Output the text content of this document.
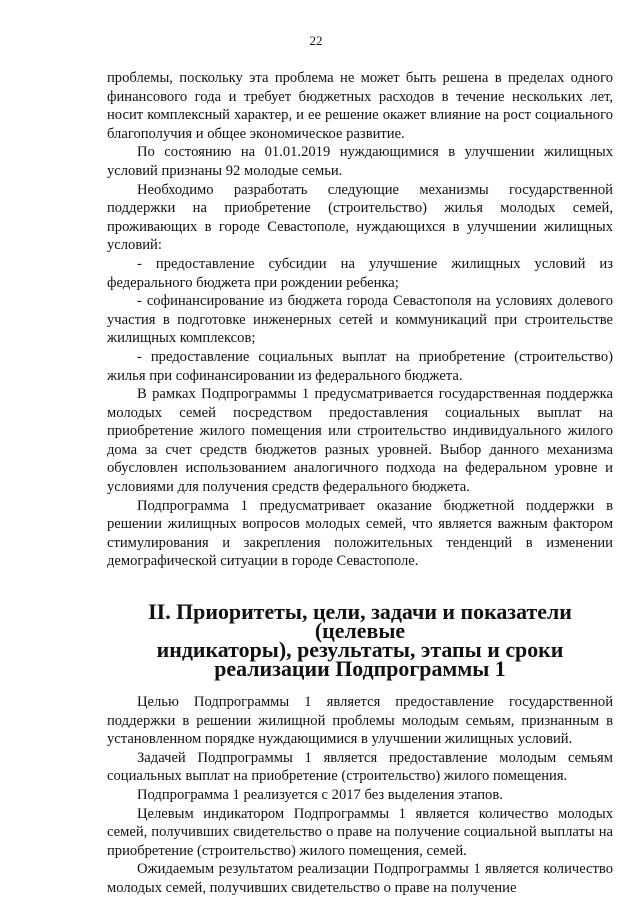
22

проблемы, поскольку эта проблема не может быть решена в пределах одного финансового года и требует бюджетных расходов в течение нескольких лет, носит комплексный характер, и ее решение окажет влияние на рост социального благополучия и общее экономическое развитие.

По состоянию на 01.01.2019 нуждающимися в улучшении жилищных условий признаны 92 молодые семьи.

Необходимо разработать следующие механизмы государственной поддержки на приобретение (строительство) жилья молодых семей, проживающих в городе Севастополе, нуждающихся в улучшении жилищных условий:

- предоставление субсидии на улучшение жилищных условий из федерального бюджета при рождении ребенка;

- софинансирование из бюджета города Севастополя на условиях долевого участия в подготовке инженерных сетей и коммуникаций при строительстве жилищных комплексов;

- предоставление социальных выплат на приобретение (строительство) жилья при софинансировании из федерального бюджета.

В рамках Подпрограммы 1 предусматривается государственная поддержка молодых семей посредством предоставления социальных выплат на приобретение жилого помещения или строительство индивидуального жилого дома за счет средств бюджетов разных уровней. Выбор данного механизма обусловлен использованием аналогичного подхода на федеральном уровне и условиями для получения средств федерального бюджета.

Подпрограмма 1 предусматривает оказание бюджетной поддержки в решении жилищных вопросов молодых семей, что является важным фактором стимулирования и закрепления положительных тенденций в изменении демографической ситуации в городе Севастополе.

II. Приоритеты, цели, задачи и показатели (целевые
индикаторы), результаты, этапы и сроки
реализации Подпрограммы 1

Целью Подпрограммы 1 является предоставление государственной поддержки в решении жилищной проблемы молодым семьям, признанным в установленном порядке нуждающимися в улучшении жилищных условий.

Задачей Подпрограммы 1 является предоставление молодым семьям социальных выплат на приобретение (строительство) жилого помещения.

Подпрограмма 1 реализуется с 2017 без выделения этапов.

Целевым индикатором Подпрограммы 1 является количество молодых семей, получивших свидетельство о праве на получение социальной выплаты на приобретение (строительство) жилого помещения, семей.

Ожидаемым результатом реализации Подпрограммы 1 является количество молодых семей, получивших свидетельство о праве на получение
